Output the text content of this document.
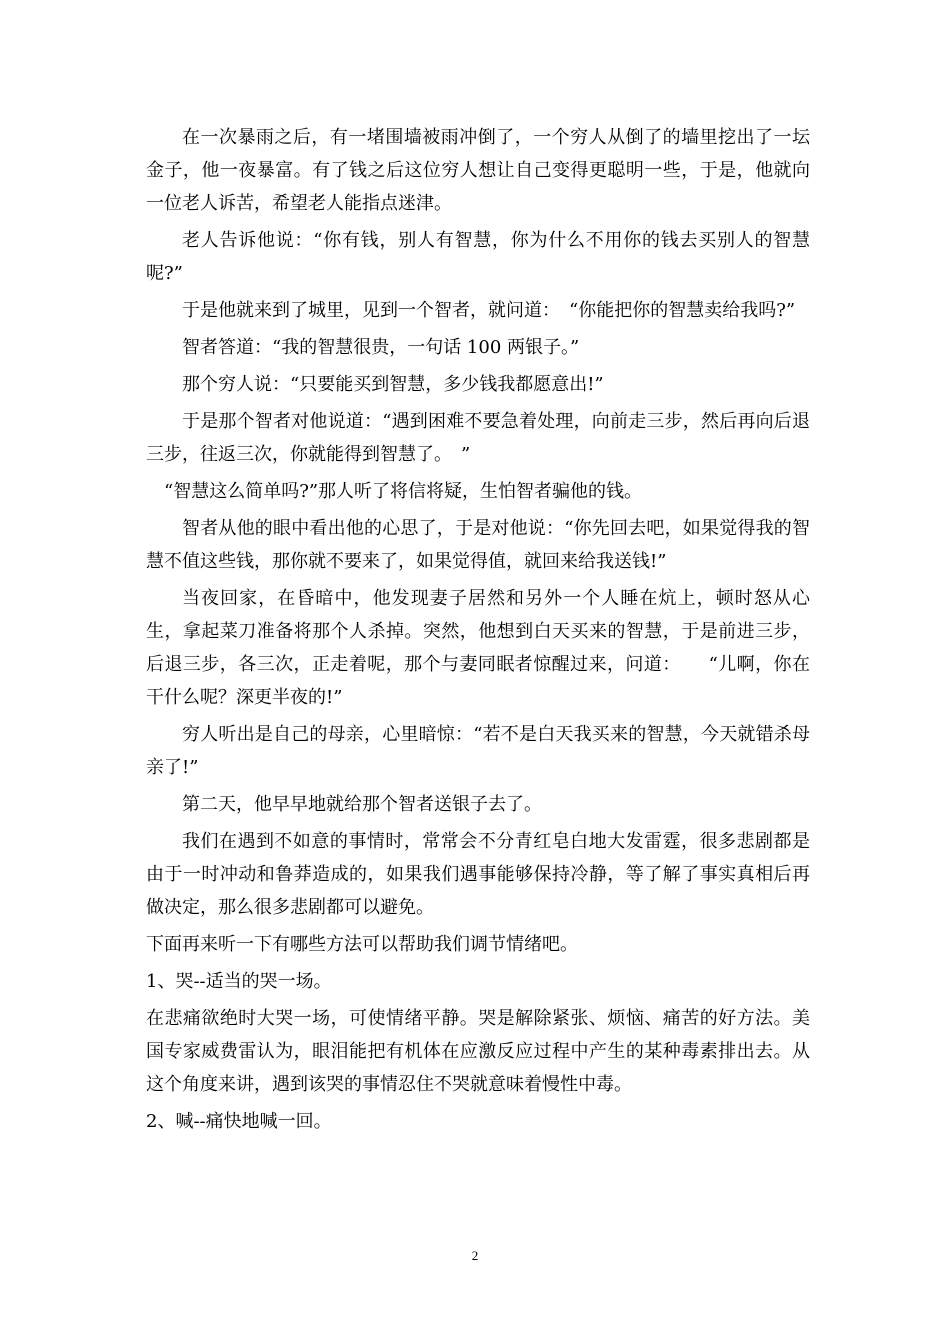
在一次暴雨之后，有一堵围墙被雨冲倒了，一个穷人从倒了的墙里挖出了一坛金子，他一夜暴富。有了钱之后这位穷人想让自己变得更聪明一些，于是，他就向一位老人诉苦，希望老人能指点迷津。

老人告诉他说：“你有钱，别人有智慧，你为什么不用你的钱去买别人的智慧呢?”

于是他就来到了城里，见到一个智者，就问道：　“你能把你的智慧卖给我吗?”

智者答道：“我的智慧很贵，一句话 100 两银子。”

那个穷人说：“只要能买到智慧，多少钱我都愿意出!”

于是那个智者对他说道：“遇到困难不要急着处理，向前走三步，然后再向后退三步，往返三次，你就能得到智慧了。　”

“智慧这么简单吗?”那人听了将信将疑，生怕智者骗他的钱。

智者从他的眼中看出他的心思了，于是对他说：“你先回去吧，如果觉得我的智慧不值这些钱，那你就不要来了，如果觉得值，就回来给我送钱!”

当夜回家，在昏暗中，他发现妻子居然和另外一个人睡在炕上，顿时怒从心生，拿起菜刀准备将那个人杀掉。突然，他想到白天买来的智慧，于是前进三步，后退三步，各三次，正走着呢，那个与妻同眠者惊醒过来，问道：　　“儿啊，你在干什么呢？深更半夜的!”

穷人听出是自己的母亲，心里暗惊：“若不是白天我买来的智慧，今天就错杀母亲了!”

第二天，他早早地就给那个智者送银子去了。

我们在遇到不如意的事情时，常常会不分青红皂白地大发雷霆，很多悲剧都是由于一时冲动和鲁莽造成的，如果我们遇事能够保持冷静，等了解了事实真相后再做决定，那么很多悲剧都可以避免。

下面再来听一下有哪些方法可以帮助我们调节情绪吧。

1、哭--适当的哭一场。

在悲痛欲绝时大哭一场，可使情绪平静。哭是解除紧张、烦恼、痛苦的好方法。美国专家威费雷认为，眼泪能把有机体在应激反应过程中产生的某种毒素排出去。从这个角度来讲，遇到该哭的事情忍住不哭就意味着慢性中毒。

2、喊--痛快地喊一回。

2
